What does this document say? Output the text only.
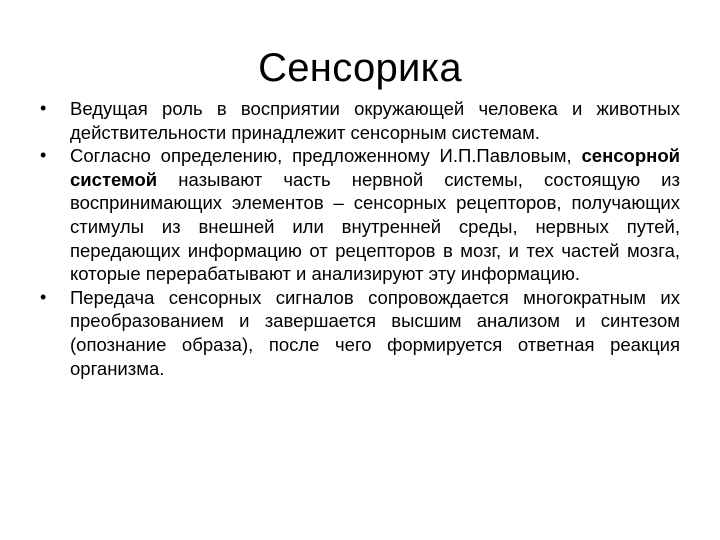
Сенсорика
• Ведущая роль в восприятии окружающей человека и животных действительности принадлежит сенсорным системам.
• Согласно определению, предложенному И.П.Павловым, сенсорной системой называют часть нервной системы, состоящую из воспринимающих элементов – сенсорных рецепторов, получающих стимулы из внешней или внутренней среды, нервных путей, передающих информацию от рецепторов в мозг, и тех частей мозга, которые перерабатывают и анализируют эту информацию.
• Передача сенсорных сигналов сопровождается многократным их преобразованием и завершается высшим анализом и синтезом (опознание образа), после чего формируется ответная реакция организма.
